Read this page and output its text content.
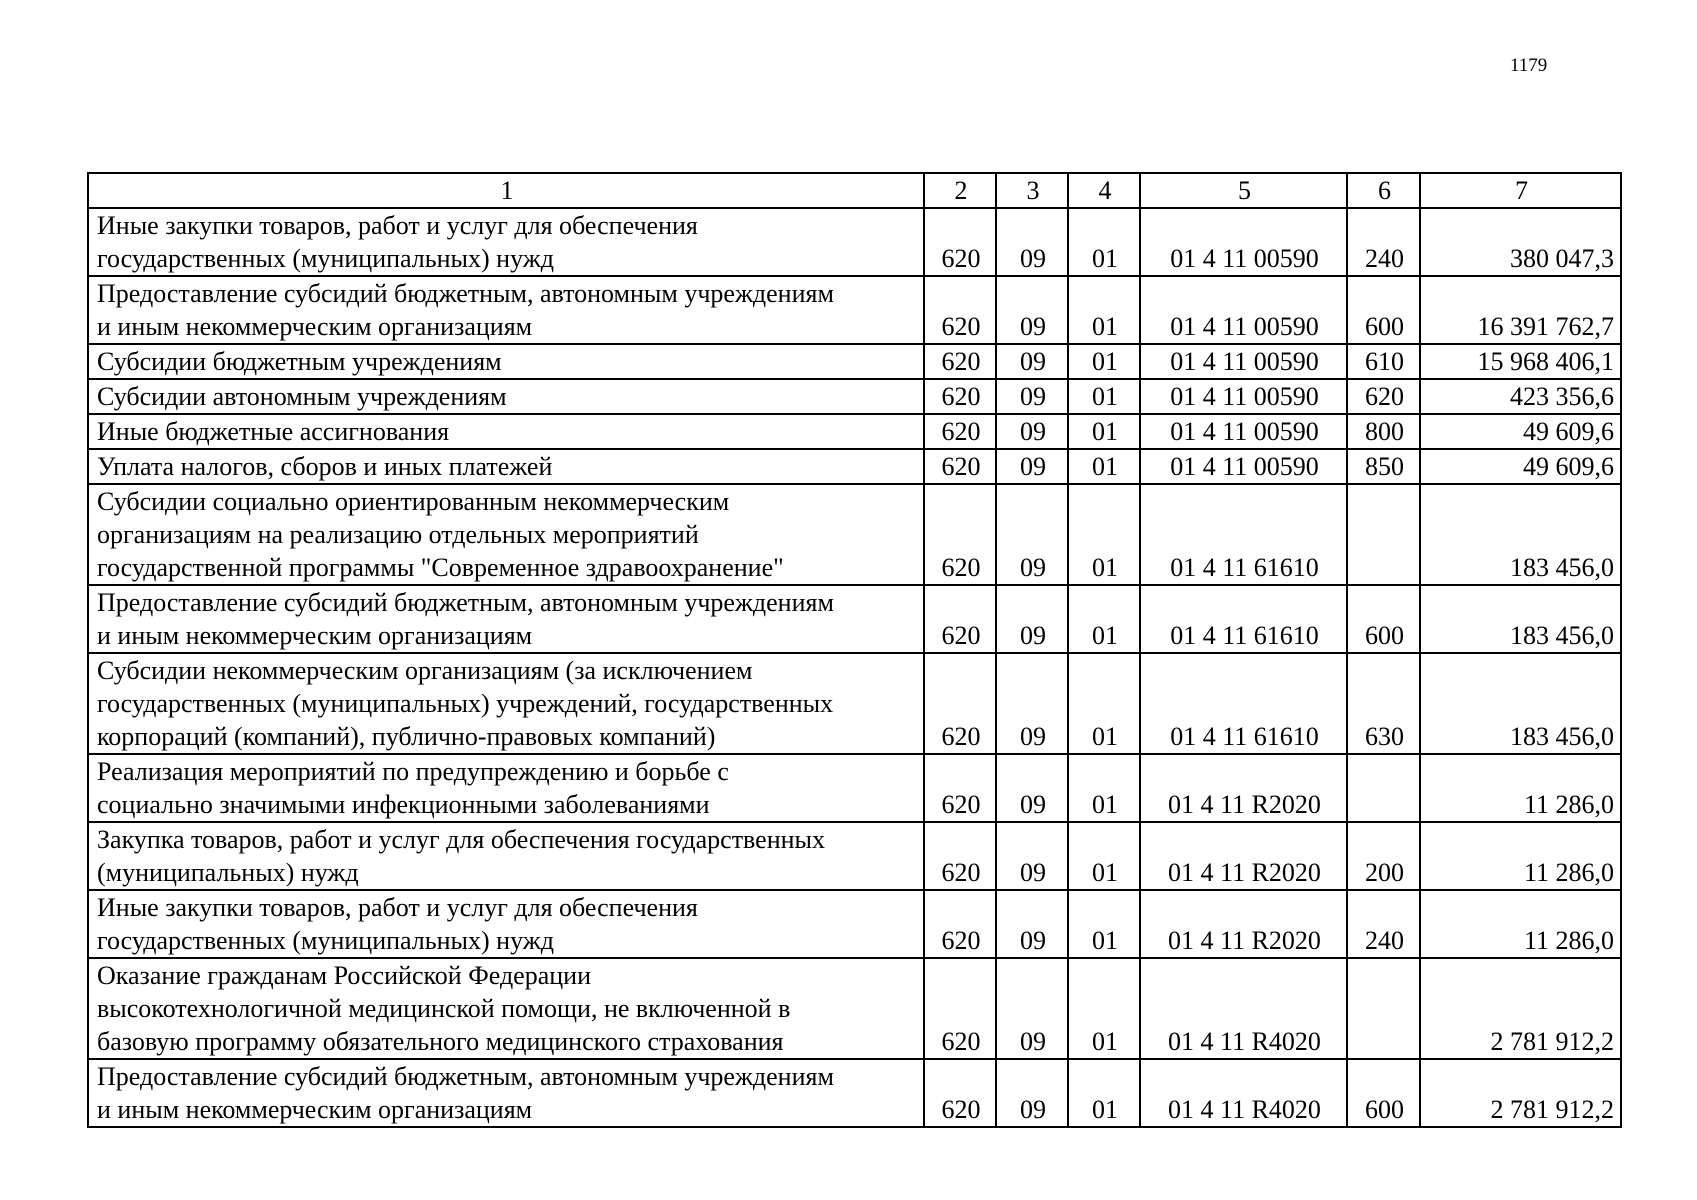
1179
1	2	3	4	5	6	7
Иные закупки товаров, работ и услуг для обеспечения
государственных (муниципальных) нужд	620	09	01	01 4 11 00590	240	380 047,3
Предоставление субсидий бюджетным, автономным учреждениям
и иным некоммерческим организациям	620	09	01	01 4 11 00590	600	16 391 762,7
Субсидии бюджетным учреждениям	620	09	01	01 4 11 00590	610	15 968 406,1
Субсидии автономным учреждениям	620	09	01	01 4 11 00590	620	423 356,6
Иные бюджетные ассигнования	620	09	01	01 4 11 00590	800	49 609,6
Уплата налогов, сборов и иных платежей	620	09	01	01 4 11 00590	850	49 609,6
Субсидии социально ориентированным некоммерческим
организациям на реализацию отдельных мероприятий
государственной программы "Современное здравоохранение"	620	09	01	01 4 11 61610		183 456,0
Предоставление субсидий бюджетным, автономным учреждениям
и иным некоммерческим организациям	620	09	01	01 4 11 61610	600	183 456,0
Субсидии некоммерческим организациям (за исключением
государственных (муниципальных) учреждений, государственных
корпораций (компаний), публично-правовых компаний)	620	09	01	01 4 11 61610	630	183 456,0
Реализация мероприятий по предупреждению и борьбе с
социально значимыми инфекционными заболеваниями	620	09	01	01 4 11 R2020		11 286,0
Закупка товаров, работ и услуг для обеспечения государственных
(муниципальных) нужд	620	09	01	01 4 11 R2020	200	11 286,0
Иные закупки товаров, работ и услуг для обеспечения
государственных (муниципальных) нужд	620	09	01	01 4 11 R2020	240	11 286,0
Оказание гражданам Российской Федерации
высокотехнологичной медицинской помощи, не включенной в
базовую программу обязательного медицинского страхования	620	09	01	01 4 11 R4020		2 781 912,2
Предоставление субсидий бюджетным, автономным учреждениям
и иным некоммерческим организациям	620	09	01	01 4 11 R4020	600	2 781 912,2
